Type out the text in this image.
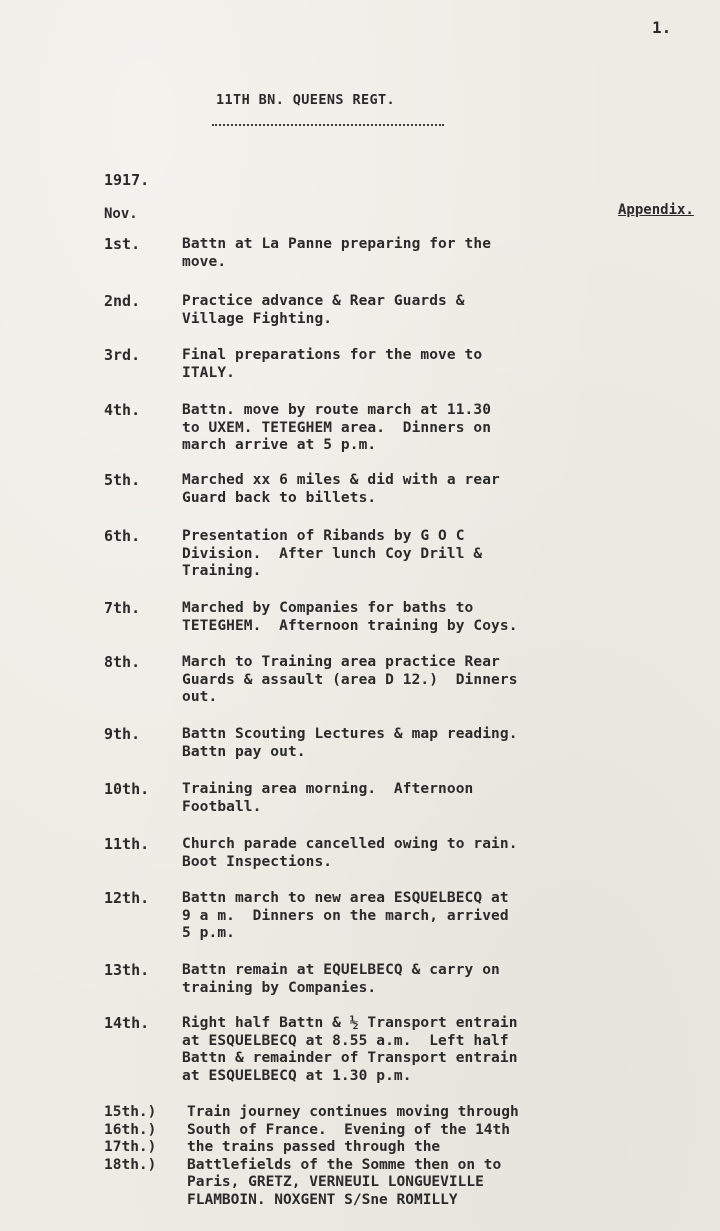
1.
11TH BN. QUEENS REGT.
1917.
Nov.	Appendix.
1st.	Battn at La Panne preparing for the
move.
2nd.	Practice advance & Rear Guards &
Village Fighting.
3rd.	Final preparations for the move to
ITALY.
4th.	Battn. move by route march at 11.30
to UXEM. TETEGHEM area.  Dinners on
march arrive at 5 p.m.
5th.	Marched xx 6 miles & did with a rear
Guard back to billets.
6th.	Presentation of Ribands by G O C
Division.  After lunch Coy Drill &
Training.
7th.	Marched by Companies for baths to
TETEGHEM.  Afternoon training by Coys.
8th.	March to Training area practice Rear
Guards & assault (area D 12.)  Dinners
out.
9th.	Battn Scouting Lectures & map reading.
Battn pay out.
10th. Training area morning.  Afternoon
Football.
11th. Church parade cancelled owing to rain.
Boot Inspections.
12th. Battn march to new area ESQUELBECQ at
9 a m.  Dinners on the march, arrived
5 p.m.
13th. Battn remain at EQUELBECQ & carry on
training by Companies.
14th. Right half Battn & ½ Transport entrain
at ESQUELBECQ at 8.55 a.m.  Left half
Battn & remainder of Transport entrain
at ESQUELBECQ at 1.30 p.m.
15th.)
16th.)
17th.)
18th.)
Train journey continues moving through
South of France.  Evening of the 14th
the trains passed through the
Battlefields of the Somme then on to
Paris, GRETZ, VERNEUIL LONGUEVILLE
FLAMBOIN. NOXGENT S/Sne ROMILLY
